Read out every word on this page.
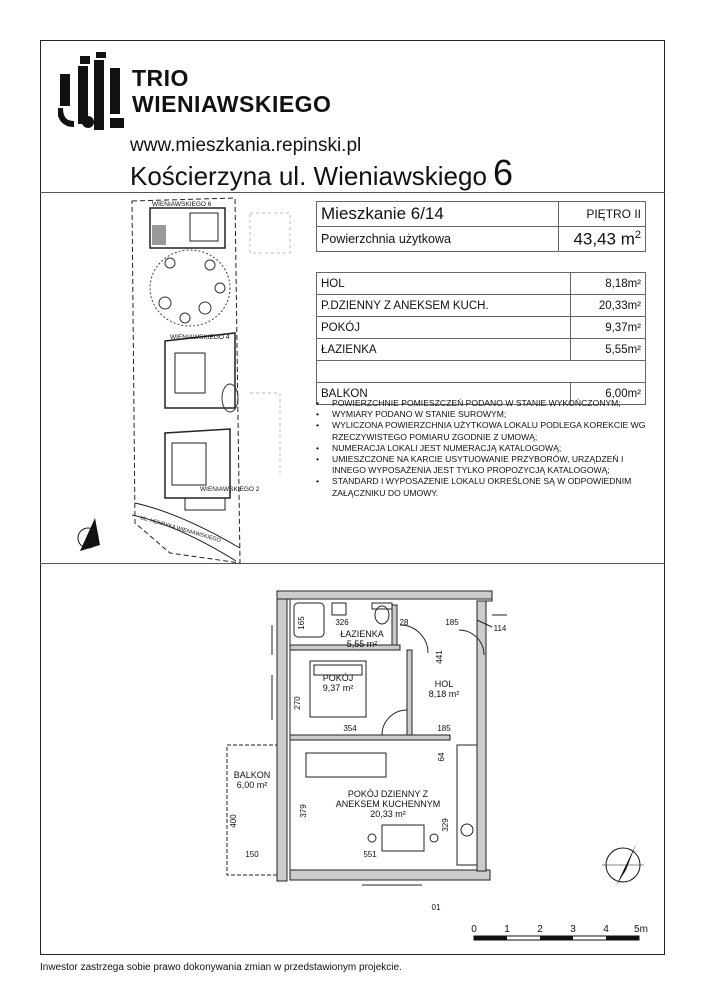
TRIO
WIENIAWSKIEGO
www.mieszkania.repinski.pl
Kościerzyna ul. Wieniawskiego 6
WIENIAWSKIEGO 6
WIENIAWSKIEGO 4
WIENIAWSKIEGO 2
UL. HENRYKA WIENIAWSKIEGO
Mieszkanie 6/14	PIĘTRO II
Powierzchnia użytkowa	43,43 $m^2$
HOL	8,18m²
P.DZIENNY Z ANEKSEM KUCH.	20,33m²
POKÓJ	9,37m²
ŁAZIENKA	5,55m²

BALKON	6,00m²
• POWIERZCHNIE POMIESZCZEŃ PODANO W STANIE WYKOŃCZONYM;
• WYMIARY PODANO W STANIE SUROWYM;
• WYLICZONA POWIERZCHNIA UŻYTKOWA LOKALU PODLEGA KOREKCIE WG RZECZYWISTEGO POMIARU ZGODNIE Z UMOWĄ;
• NUMERACJA LOKALI JEST NUMERACJĄ KATALOGOWĄ;
• UMIESZCZONE NA KARCIE USYTUOWANIE PRZYBORÓW, URZĄDZEŃ I INNEGO WYPOSAŻENIA JEST TYLKO PROPOZYCJĄ KATALOGOWĄ;
• STANDARD I WYPOSAŻENIE LOKALU OKREŚLONE SĄ W ODPOWIEDNIM ZAŁĄCZNIKU DO UMOWY.
ŁAZIENKA
5,55 m²
POKÓJ
9,37 m²	HOL
8,18 m²
POKÓJ DZIENNY Z
ANEKSEM KUCHENNYM
20,33 m²
BALKON
6,00 m²
326	28	185
114
441
165
270
354	185
64
379
329
551
150
400
01
0	1	2	3	4	5m
Inwestor zastrzega sobie prawo dokonywania zmian w przedstawionym projekcie.
